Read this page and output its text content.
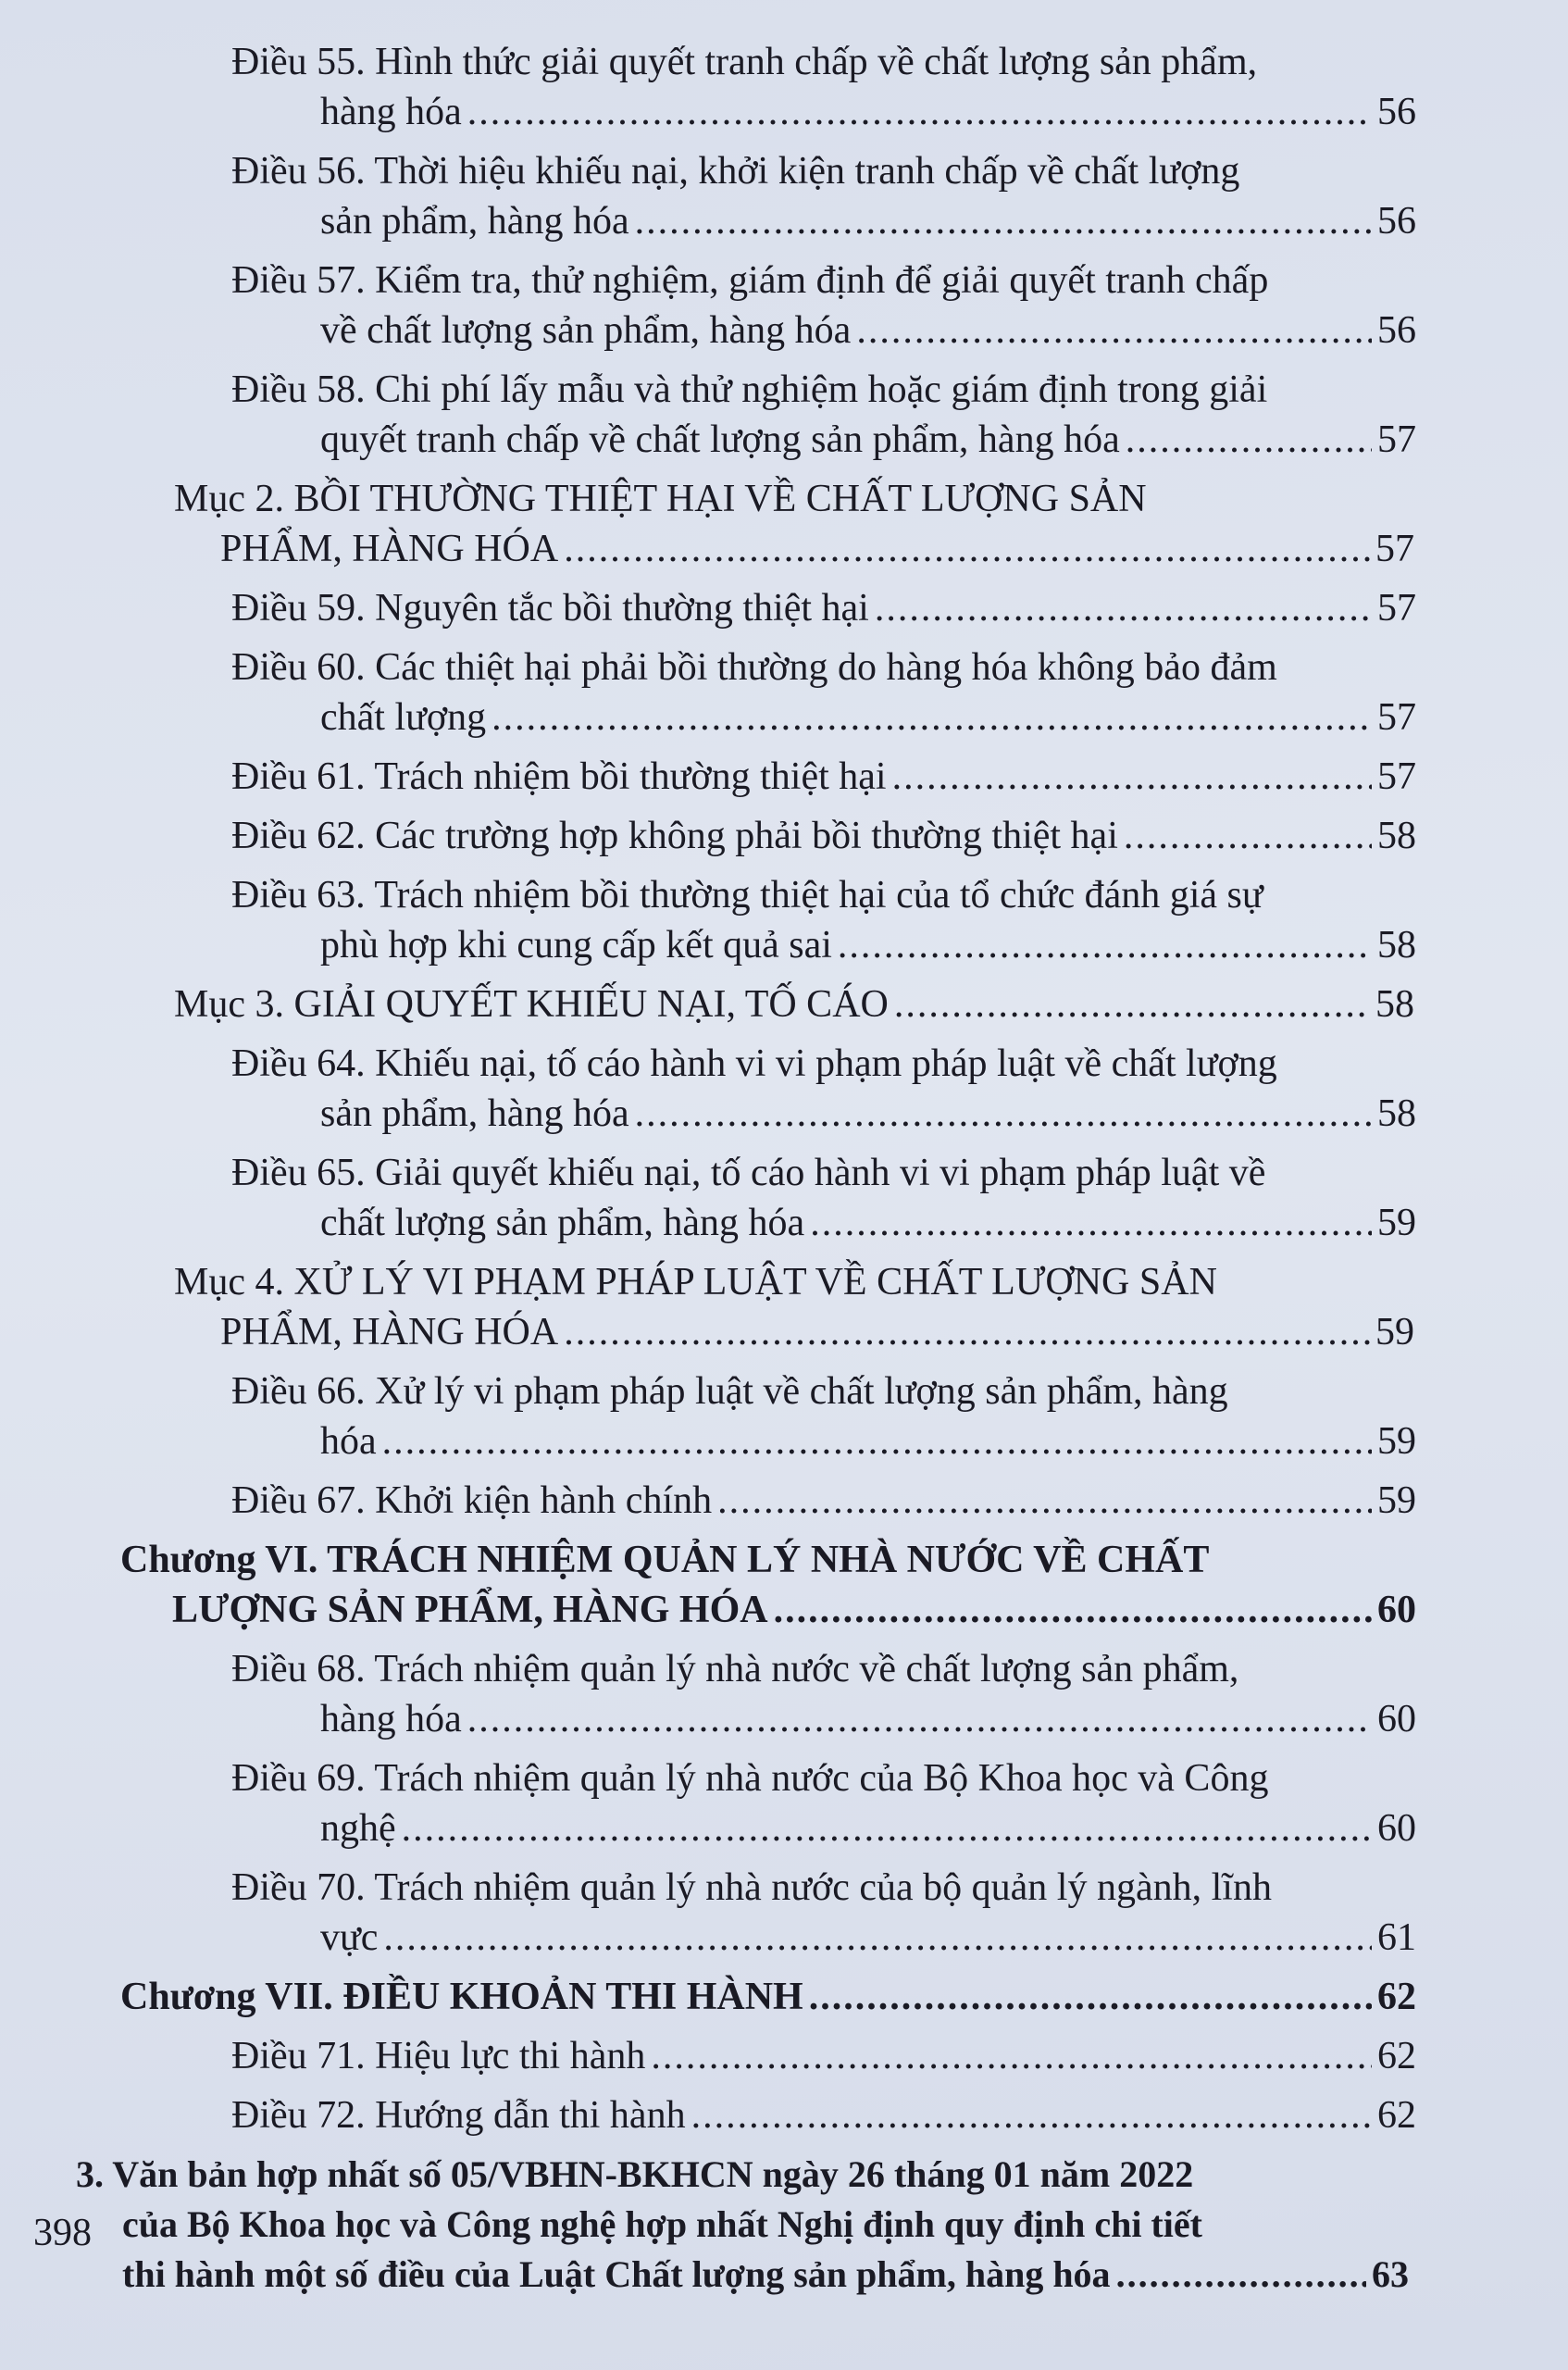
Điều 55. Hình thức giải quyết tranh chấp về chất lượng sản phẩm,
hàng hóa .....	56
Điều 56. Thời hiệu khiếu nại, khởi kiện tranh chấp về chất lượng
sản phẩm, hàng hóa .....	56
Điều 57. Kiểm tra, thử nghiệm, giám định để giải quyết tranh chấp
về chất lượng sản phẩm, hàng hóa .....	56
Điều 58. Chi phí lấy mẫu và thử nghiệm hoặc giám định trong giải
quyết tranh chấp về chất lượng sản phẩm, hàng hóa .....	57
Mục 2. BỒI THƯỜNG THIỆT HẠI VỀ CHẤT LƯỢNG SẢN
PHẨM, HÀNG HÓA .....	57
Điều 59. Nguyên tắc bồi thường thiệt hại .....	57
Điều 60. Các thiệt hại phải bồi thường do hàng hóa không bảo đảm
chất lượng .....	57
Điều 61. Trách nhiệm bồi thường thiệt hại .....	57
Điều 62. Các trường hợp không phải bồi thường thiệt hại .....	58
Điều 63. Trách nhiệm bồi thường thiệt hại của tổ chức đánh giá sự
phù hợp khi cung cấp kết quả sai .....	58
Mục 3. GIẢI QUYẾT KHIẾU NẠI, TỐ CÁO .....	58
Điều 64. Khiếu nại, tố cáo hành vi vi phạm pháp luật về chất lượng
sản phẩm, hàng hóa .....	58
Điều 65. Giải quyết khiếu nại, tố cáo hành vi vi phạm pháp luật về
chất lượng sản phẩm, hàng hóa .....	59
Mục 4. XỬ LÝ VI PHẠM PHÁP LUẬT VỀ CHẤT LƯỢNG SẢN
PHẨM, HÀNG HÓA .....	59
Điều 66. Xử lý vi phạm pháp luật về chất lượng sản phẩm, hàng
hóa .....	59
Điều 67. Khởi kiện hành chính .....	59
Chương VI. TRÁCH NHIỆM QUẢN LÝ NHÀ NƯỚC VỀ CHẤT
LƯỢNG SẢN PHẨM, HÀNG HÓA .....	60
Điều 68. Trách nhiệm quản lý nhà nước về chất lượng sản phẩm,
hàng hóa .....	60
Điều 69. Trách nhiệm quản lý nhà nước của Bộ Khoa học và Công
nghệ .....	60
Điều 70. Trách nhiệm quản lý nhà nước của bộ quản lý ngành, lĩnh
vực .....	61
Chương VII. ĐIỀU KHOẢN THI HÀNH .....	62
Điều 71. Hiệu lực thi hành .....	62
Điều 72. Hướng dẫn thi hành .....	62
3. Văn bản hợp nhất số 05/VBHN-BKHCN ngày 26 tháng 01 năm 2022
của Bộ Khoa học và Công nghệ hợp nhất Nghị định quy định chi tiết
thi hành một số điều của Luật Chất lượng sản phẩm, hàng hóa .....	63
398
